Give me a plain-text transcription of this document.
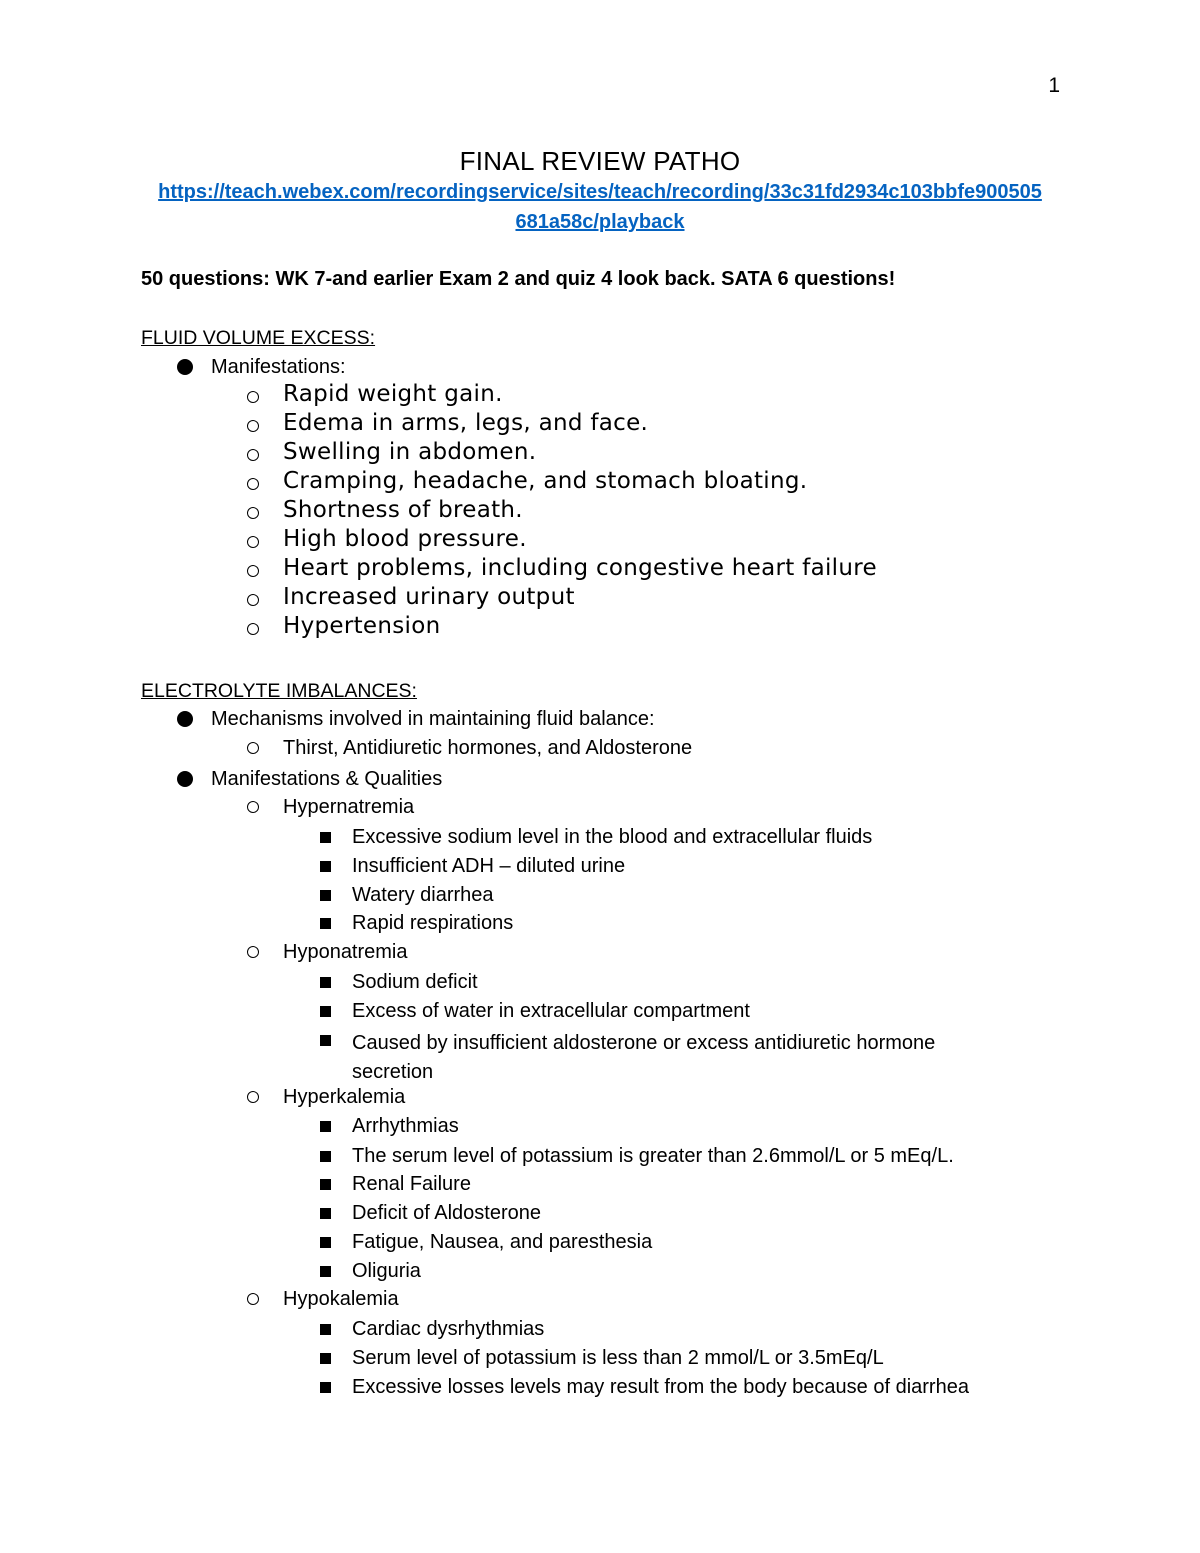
1
FINAL REVIEW PATHO
https://teach.webex.com/recordingservice/sites/teach/recording/33c31fd2934c103bbfe900505
681a58c/playback
50 questions: WK 7-and earlier Exam 2 and quiz 4 look back. SATA 6 questions!
FLUID VOLUME EXCESS:
Manifestations:
Rapid weight gain.
Edema in arms, legs, and face.
Swelling in abdomen.
Cramping, headache, and stomach bloating.
Shortness of breath.
High blood pressure.
Heart problems, including congestive heart failure
Increased urinary output
Hypertension
ELECTROLYTE IMBALANCES:
Mechanisms involved in maintaining fluid balance:
Thirst, Antidiuretic hormones, and Aldosterone
Manifestations & Qualities
Hypernatremia
Excessive sodium level in the blood and extracellular fluids
Insufficient ADH – diluted urine
Watery diarrhea
Rapid respirations
Hyponatremia
Sodium deficit
Excess of water in extracellular compartment
Caused by insufficient aldosterone or excess antidiuretic hormone secretion
Hyperkalemia
Arrhythmias
The serum level of potassium is greater than 2.6mmol/L or 5 mEq/L.
Renal Failure
Deficit of Aldosterone
Fatigue, Nausea, and paresthesia
Oliguria
Hypokalemia
Cardiac dysrhythmias
Serum level of potassium is less than 2 mmol/L or 3.5mEq/L
Excessive losses levels may result from the body because of diarrhea
